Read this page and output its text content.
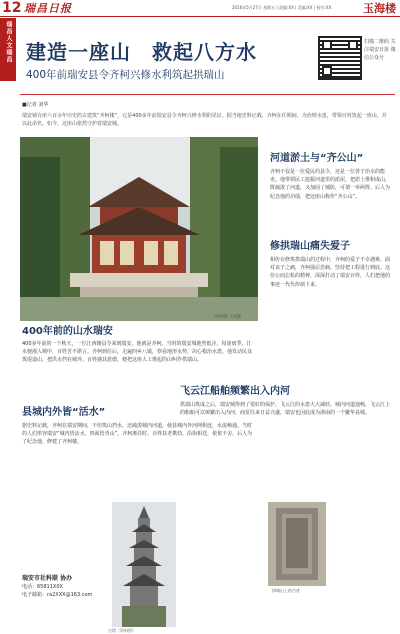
12 瑞昌日报	2016年5月27日 星期五 | 责编:XX | 美编:XX | 校对:XX	玉海楼
瑞昌人文瑞昌 建造一座山　救起八方水
400年前瑞安县令齐柯兴修水利筑起拱瑞山
扫描二维码 关注瑞安日报 微信公众号
■记者 刘华
瑞安城有座六百余年历史的古建筑“齐柯楼”，它是400多年前瑞安县令齐柯兴修水利的见证。据当地史料记载，齐柯在任期间，为治理水患，带领百姓筑起一座山，并以此命名。如今，这座山依然守护着瑞安城。
齐柯楼 王X摄
400年前的山水瑞安
400多年前的一个秋天，一位江西籍县令来到瑞安，他就是齐柯。当时的瑞安城地势低洼，每逢雨季，江水便漫入城中，百姓苦不堪言。齐柯到任后，走遍四乡八镇，察看地形水势，决心根治水患。他发动民众筑堤造山，把洪水挡在城外。百姓感其恩德，便把这座人工堆起的山叫作拱瑞山。
县城内外皆“活水”
据史料记载，齐柯在瑞安期间，不但筑山挡水，还疏浚城内河道，使县城内外河网相连，水流畅通。当时的人们形容瑞安“城内皆活水，四面皆青山”。齐柯离任时，百姓扶老携幼，沿街相送，依依不舍。后人为了纪念他，修建了齐柯楼。
河道淤土与“齐公山”
齐柯不仅是一位爱民的县令，还是一位善于治水的能吏。他带领民工挖掘河道里的淤泥，把淤土堆积成山，既疏浚了河道，又加固了城防，可谓一举两得。后人为纪念他的功绩，把这座山称作“齐公山”。
修拱瑞山痛失爱子
相传在修筑拱瑞山的过程中，齐柯的爱子不幸遇难。面对丧子之痛，齐柯强忍悲痛，坚持把工程进行到底。这份公而忘私的精神，深深打动了瑞安百姓，人们把他的事迹一代代传颂下来。
飞云江船舶频繁出入内河
拱瑞山筑成之后，瑞安城得到了很好的保护，飞云江的水患大大减轻。城内河道通畅，飞云江上的船舶可以频繁出入内河，商贸往来日益兴盛，瑞安也因此成为浙南的一个繁华县城。
瑞安市社科联 协办
电话：65811X0X
电子邮箱：ra2XXX@163.com
古塔（资料图）
拱瑞山上的古迹
